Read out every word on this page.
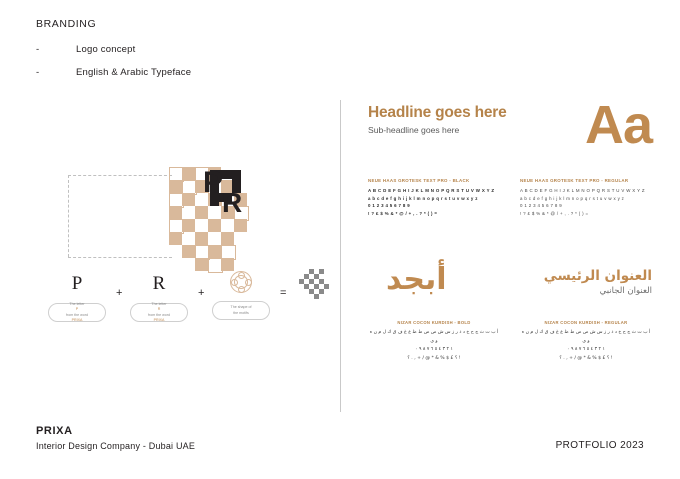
BRANDING
-	Logo concept
-	English & Arabic Typeface
R
P
P
The letter
P
from the word
PRIXA
+	R
The letter
R
from the word
PRIXA
+
The shape of
the motifs
=
Aa
Headline goes here
Sub-headline goes here
NEUE HAAS GROTESK TEXT PRO - BLACK
A B C D E F G H I J K L M N O P Q R S T U V W X Y Z
a b c d e f g h i j k l m n o p q r s t u v w x y z
0 1 2 3 4 5 6 7 8 9
! ? £ $ % & * @ / + , . ? * ( ) =
NEUE HAAS GROTESK TEXT PRO - REGULAR
A B C D E F G H I J K L M N O P Q R S T U V W X Y Z
a b c d e f g h i j k l m n o p q r s t u v w x y z
0 1 2 3 4 5 6 7 8 9
! ? £ $ % & * @ / + , . ? * ( ) =
أبجد	العنوان الرئيسي
العنوان الجانبي
NIZAR COCON KURDISH - BOLD
أ ب ت ث ج ح خ د ذ ر ز س ش ص ض ط ظ ع غ ف ق ك ل م ن ه و ي
١ ٢ ٣ ٤ ٥ ٦ ٧ ٨ ٩ ٠
! ؟ £ $ % & * @ / + , . ؟
NIZAR COCON KURDISH - REGULAR
أ ب ت ث ج ح خ د ذ ر ز س ش ص ض ط ظ ع غ ف ق ك ل م ن ه و ي
١ ٢ ٣ ٤ ٥ ٦ ٧ ٨ ٩ ٠
! ؟ £ $ % & * @ / + , . ؟
PRIXA
Interior Design Company - Dubai UAE	PROTFOLIO 2023
